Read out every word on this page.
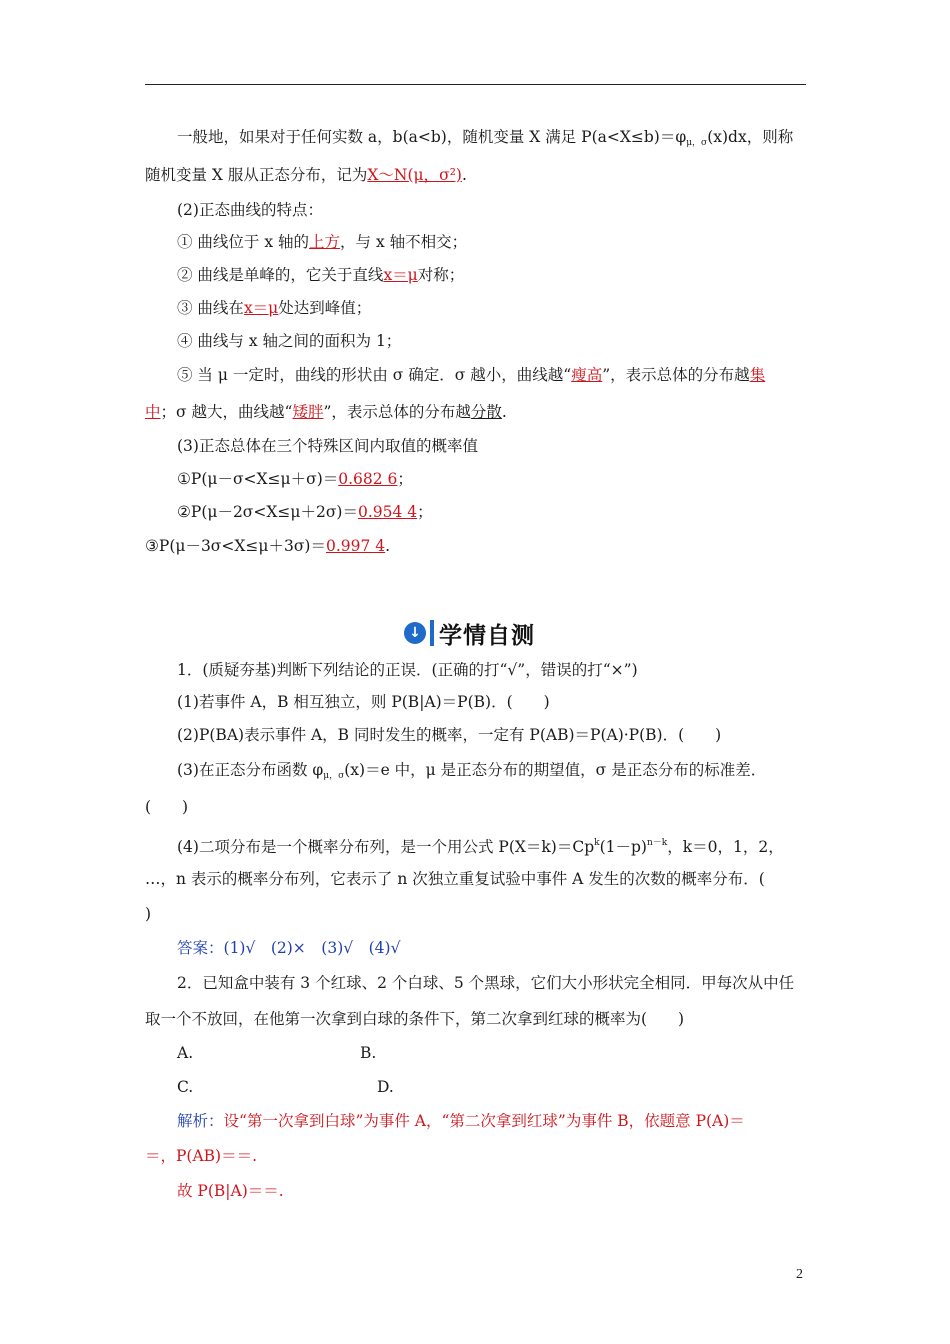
一般地，如果对于任何实数 a，b(a<b)，随机变量 X 满足 $P(a<X\le b)=\varphi_{\mu,\sigma}(x)dx$，则称
随机变量 X 服从正态分布，记为X～N(μ，σ²).
(2)正态曲线的特点：
① 曲线位于 x 轴的上方，与 x 轴不相交；
② 曲线是单峰的，它关于直线x＝μ对称；
③ 曲线在x＝μ处达到峰值；
④ 曲线与 x 轴之间的面积为 1；
⑤ 当 μ 一定时，曲线的形状由 σ 确定．σ 越小，曲线越“瘦高”，表示总体的分布越集
中；σ 越大，曲线越“矮胖”，表示总体的分布越分散.
(3)正态总体在三个特殊区间内取值的概率值
①P(μ－σ<X≤μ＋σ)＝0.682 6；
②P(μ－2σ<X≤μ＋2σ)＝0.954 4；
③P(μ－3σ<X≤μ＋3σ)＝0.997 4.
↓ 学情自测
1．(质疑夯基)判断下列结论的正误．(正确的打“√”，错误的打“×”)
(1)若事件 A，B 相互独立，则 P(B|A)＝P(B)．(　　)
(2)P(BA)表示事件 A，B 同时发生的概率，一定有 P(AB)＝P(A)·P(B)．(　　)
(3)在正态分布函数 $\varphi_{\mu,\sigma}(x)=e$ 中，μ 是正态分布的期望值，σ 是正态分布的标准差．
(　　)
(4)二项分布是一个概率分布列，是一个用公式 $P(X=k)=Cp^k(1-p)^{n-k}$，k＝0，1，2，
…，n 表示的概率分布列，它表示了 n 次独立重复试验中事件 A 发生的次数的概率分布．(
)
答案：(1)√　(2)×　(3)√　(4)√
2．已知盒中装有 3 个红球、2 个白球、5 个黑球，它们大小形状完全相同．甲每次从中任
取一个不放回，在他第一次拿到白球的条件下，第二次拿到红球的概率为(　　)
A.	B.
C.	D.
解析：设“第一次拿到白球”为事件 A，“第二次拿到红球”为事件 B，依题意 P(A)＝
＝，P(AB)＝＝.
故 P(B|A)＝＝.
2
